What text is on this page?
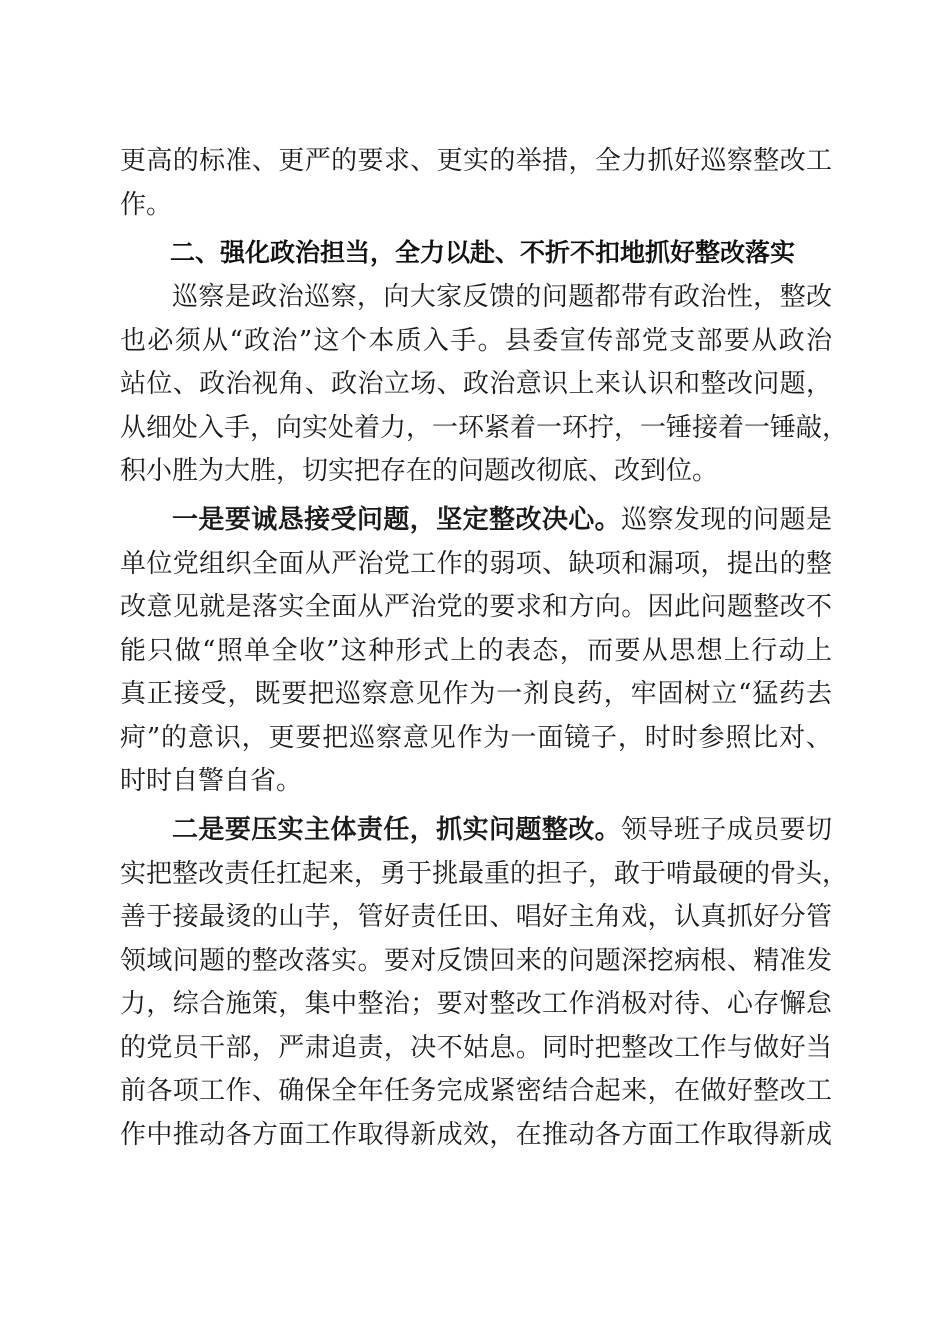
更高的标准、更严的要求、更实的举措，全力抓好巡察整改工
作。
二、强化政治担当，全力以赴、不折不扣地抓好整改落实
巡察是政治巡察，向大家反馈的问题都带有政治性，整改
也必须从“政治”这个本质入手。县委宣传部党支部要从政治
站位、政治视角、政治立场、政治意识上来认识和整改问题，
从细处入手，向实处着力，一环紧着一环拧，一锤接着一锤敲，
积小胜为大胜，切实把存在的问题改彻底、改到位。
一是要诚恳接受问题，坚定整改决心。巡察发现的问题是
单位党组织全面从严治党工作的弱项、缺项和漏项，提出的整
改意见就是落实全面从严治党的要求和方向。因此问题整改不
能只做“照单全收”这种形式上的表态，而要从思想上行动上
真正接受，既要把巡察意见作为一剂良药，牢固树立“猛药去
疴”的意识，更要把巡察意见作为一面镜子，时时参照比对、
时时自警自省。
二是要压实主体责任，抓实问题整改。领导班子成员要切
实把整改责任扛起来，勇于挑最重的担子，敢于啃最硬的骨头，
善于接最烫的山芋，管好责任田、唱好主角戏，认真抓好分管
领域问题的整改落实。要对反馈回来的问题深挖病根、精准发
力，综合施策，集中整治；要对整改工作消极对待、心存懈怠
的党员干部，严肃追责，决不姑息。同时把整改工作与做好当
前各项工作、确保全年任务完成紧密结合起来，在做好整改工
作中推动各方面工作取得新成效，在推动各方面工作取得新成
